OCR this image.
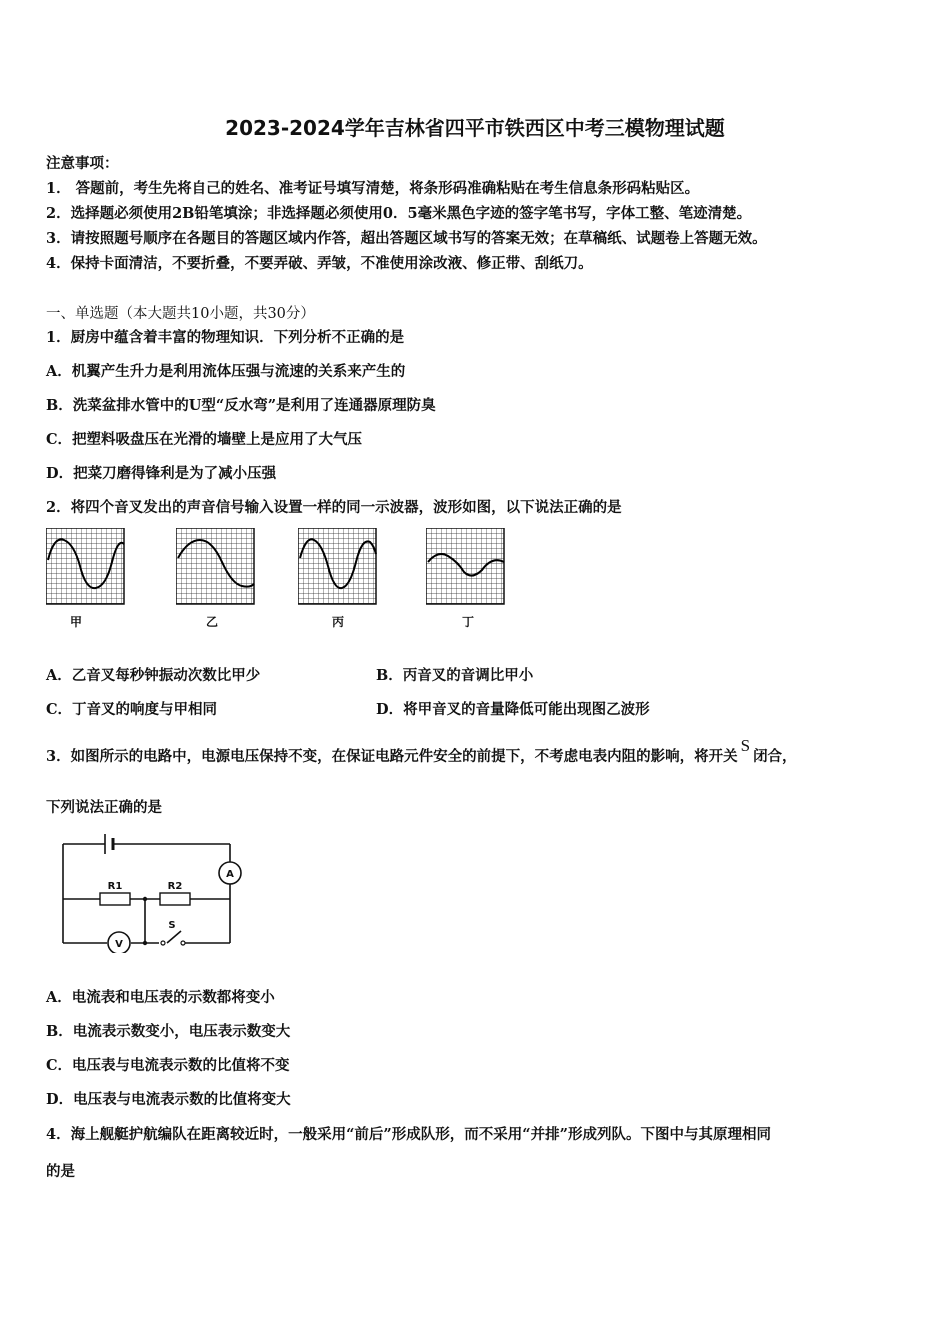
2023-2024学年吉林省四平市铁西区中考三模物理试题
注意事项：
1． 答题前，考生先将自己的姓名、准考证号填写清楚，将条形码准确粘贴在考生信息条形码粘贴区。
2．选择题必须使用2B铅笔填涂；非选择题必须使用0．5毫米黑色字迹的签字笔书写，字体工整、笔迹清楚。
3．请按照题号顺序在各题目的答题区域内作答，超出答题区域书写的答案无效；在草稿纸、试题卷上答题无效。
4．保持卡面清洁，不要折叠，不要弄破、弄皱，不准使用涂改液、修正带、刮纸刀。
一、单选题（本大题共10小题，共30分）
1．厨房中蕴含着丰富的物理知识．下列分析不正确的是
A．机翼产生升力是利用流体压强与流速的关系来产生的
B．洗菜盆排水管中的U型“反水弯”是利用了连通器原理防臭
C．把塑料吸盘压在光滑的墙壁上是应用了大气压
D．把菜刀磨得锋利是为了减小压强
2．将四个音叉发出的声音信号输入设置一样的同一示波器，波形如图，以下说法正确的是
甲	乙	丙	丁
A．乙音叉每秒钟振动次数比甲少	B．丙音叉的音调比甲小
C．丁音叉的响度与甲相同	D．将甲音叉的音量降低可能出现图乙波形
3．如图所示的电路中，电源电压保持不变，在保证电路元件安全的前提下，不考虑电表内阻的影响，将开关S闭合，
下列说法正确的是
A
V
R1	R2
S
A．电流表和电压表的示数都将变小
B．电流表示数变小，电压表示数变大
C．电压表与电流表示数的比值将不变
D．电压表与电流表示数的比值将变大
4．海上舰艇护航编队在距离较近时，一般采用“前后”形成队形，而不采用“并排”形成列队。下图中与其原理相同
的是
